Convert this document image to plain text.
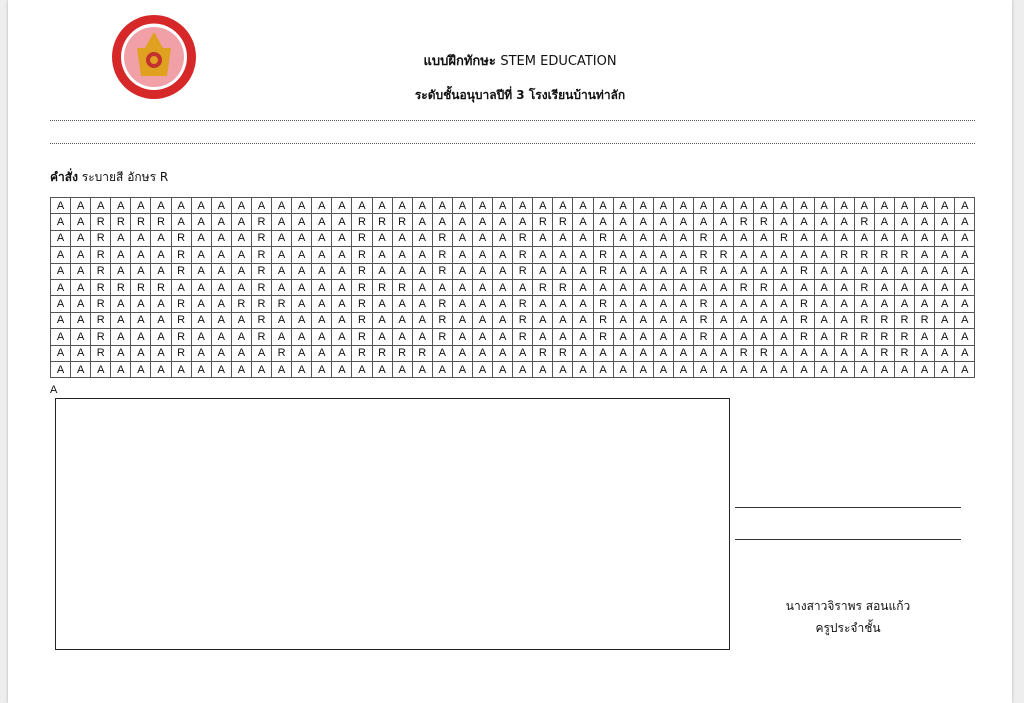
แบบฝึกทักษะ STEM EDUCATION
ระดับชั้นอนุบาลปีที่ 3 โรงเรียนบ้านท่าลัก
คำสั่ง ระบายสี อักษร R
A	A	A	A	A	A	A	A	A	A	A	A	A	A	A	A	A	A	A	A	A	A	A	A	A	A	A	A	A	A	A	A	A	A	A	A	A	A	A	A	A	A	A	A	A	A
A	A	R	R	R	R	A	A	A	A	R	A	A	A	A	R	R	R	A	A	A	A	A	A	R	R	A	A	A	A	A	A	A	A	R	R	A	A	A	A	R	A	A	A	A	A
A	A	R	A	A	A	R	A	A	A	R	A	A	A	A	R	A	A	A	R	A	A	A	R	A	A	A	R	A	A	A	A	R	A	A	A	R	A	A	A	A	A	A	A	A	A
A	A	R	A	A	A	R	A	A	A	R	A	A	A	A	R	A	A	A	R	A	A	A	R	A	A	A	R	A	A	A	A	R	R	A	A	A	A	A	R	R	R	R	A	A	A
A	A	R	A	A	A	R	A	A	A	R	A	A	A	A	R	A	A	A	R	A	A	A	R	A	A	A	R	A	A	A	A	R	A	A	A	A	R	A	A	A	A	A	A	A	A
A	A	R	R	R	R	A	A	A	A	R	A	A	A	A	R	R	R	A	A	A	A	A	A	R	R	A	A	A	A	A	A	A	A	R	R	A	A	A	A	R	A	A	A	A	A
A	A	R	A	A	A	R	A	A	R	R	R	A	A	A	R	A	A	A	R	A	A	A	R	A	A	A	R	A	A	A	A	R	A	A	A	A	R	A	A	A	A	A	A	A	A
A	A	R	A	A	A	R	A	A	A	R	A	A	A	A	R	A	A	A	R	A	A	A	R	A	A	A	R	A	A	A	A	R	A	A	A	A	R	A	A	R	R	R	R	A	A
A	A	R	A	A	A	R	A	A	A	R	A	A	A	A	R	A	A	A	R	A	A	A	R	A	A	A	R	A	A	A	A	R	A	A	A	A	R	A	R	R	R	R	A	A	A
A	A	R	A	A	A	R	A	A	A	A	R	A	A	A	R	R	R	R	A	A	A	A	A	R	R	A	A	A	A	A	A	A	A	R	R	A	A	A	A	A	R	R	A	A	A
A	A	A	A	A	A	A	A	A	A	A	A	A	A	A	A	A	A	A	A	A	A	A	A	A	A	A	A	A	A	A	A	A	A	A	A	A	A	A	A	A	A	A	A	A	A
A
นางสาวจิราพร สอนแก้ว
ครูประจำชั้น
